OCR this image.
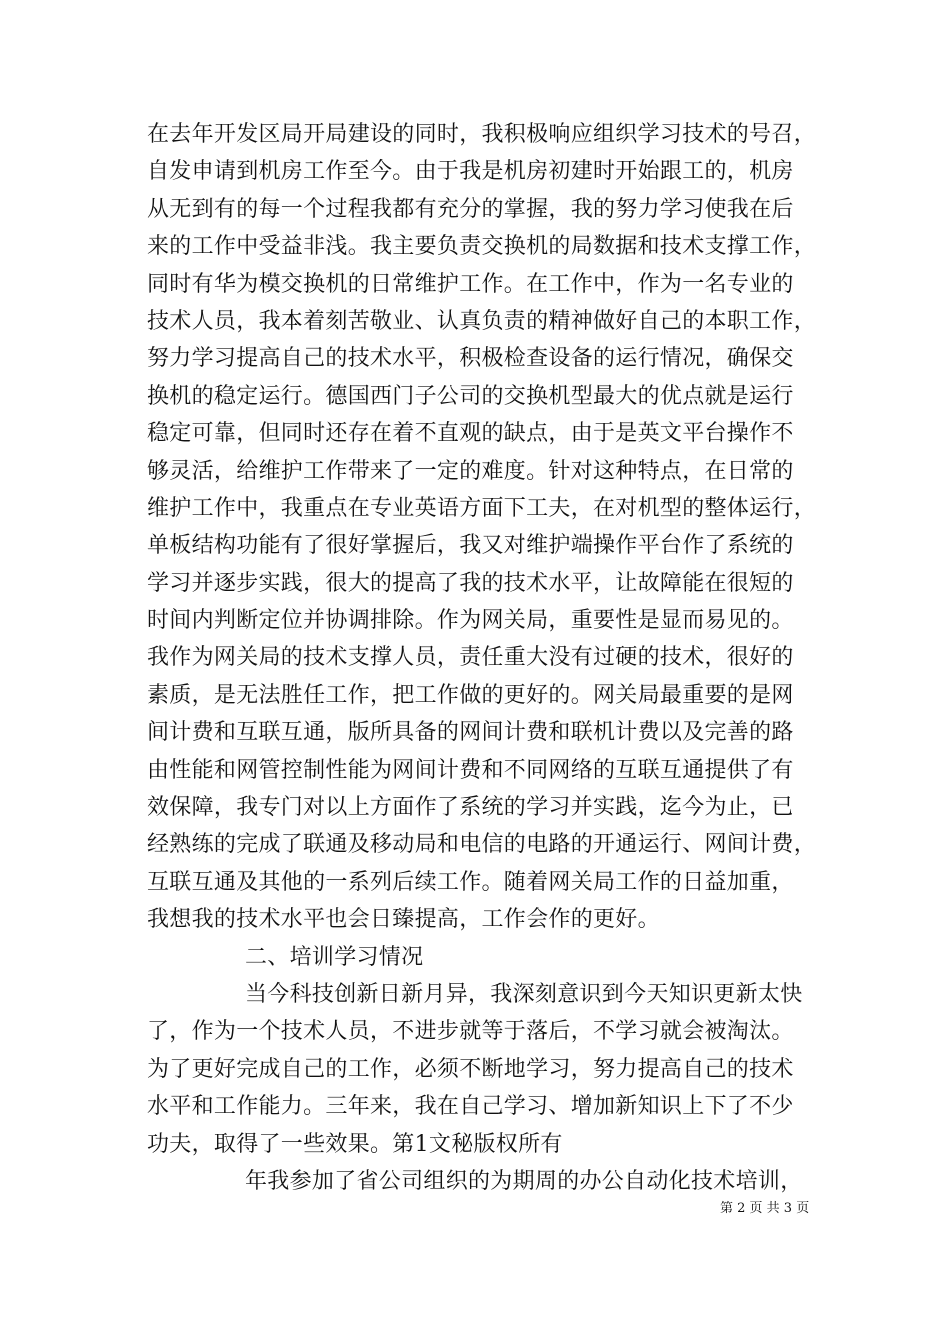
在去年开发区局开局建设的同时，我积极响应组织学习技术的号召，
自发申请到机房工作至今。由于我是机房初建时开始跟工的，机房
从无到有的每一个过程我都有充分的掌握，我的努力学习使我在后
来的工作中受益非浅。我主要负责交换机的局数据和技术支撑工作，
同时有华为模交换机的日常维护工作。在工作中，作为一名专业的
技术人员，我本着刻苦敬业、认真负责的精神做好自己的本职工作，
努力学习提高自己的技术水平，积极检查设备的运行情况，确保交
换机的稳定运行。德国西门子公司的交换机型最大的优点就是运行
稳定可靠，但同时还存在着不直观的缺点，由于是英文平台操作不
够灵活，给维护工作带来了一定的难度。针对这种特点，在日常的
维护工作中，我重点在专业英语方面下工夫，在对机型的整体运行，
单板结构功能有了很好掌握后，我又对维护端操作平台作了系统的
学习并逐步实践，很大的提高了我的技术水平，让故障能在很短的
时间内判断定位并协调排除。作为网关局，重要性是显而易见的。
我作为网关局的技术支撑人员，责任重大没有过硬的技术，很好的
素质，是无法胜任工作，把工作做的更好的。网关局最重要的是网
间计费和互联互通，版所具备的网间计费和联机计费以及完善的路
由性能和网管控制性能为网间计费和不同网络的互联互通提供了有
效保障，我专门对以上方面作了系统的学习并实践，迄今为止，已
经熟练的完成了联通及移动局和电信的电路的开通运行、网间计费，
互联互通及其他的一系列后续工作。随着网关局工作的日益加重，
我想我的技术水平也会日臻提高，工作会作的更好。
二、培训学习情况
当今科技创新日新月异，我深刻意识到今天知识更新太快
了，作为一个技术人员，不进步就等于落后，不学习就会被淘汰。
为了更好完成自己的工作，必须不断地学习，努力提高自己的技术
水平和工作能力。三年来，我在自己学习、增加新知识上下了不少
功夫，取得了一些效果。第1文秘版权所有
年我参加了省公司组织的为期周的办公自动化技术培训，
第 2 页 共 3 页
